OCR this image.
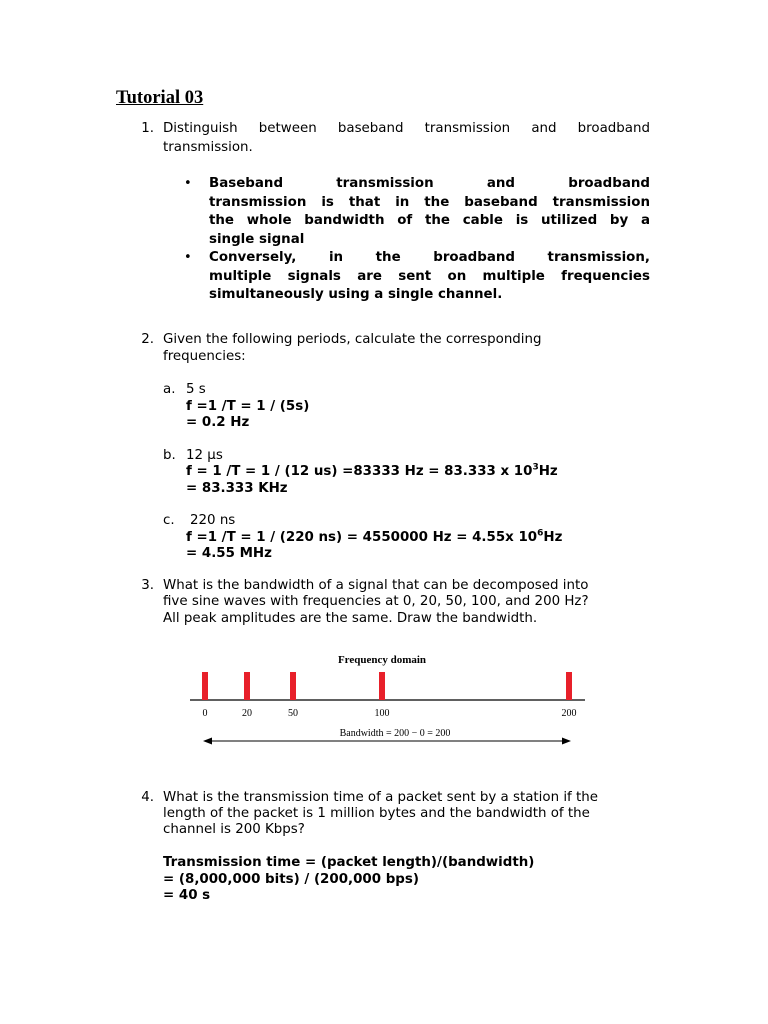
Tutorial 03
1. Distinguish between baseband transmission and broadband
transmission.
• Baseband transmission and broadband
transmission is that in the baseband transmission
the whole bandwidth of the cable is utilized by a
single signal
• Conversely, in the broadband transmission,
multiple signals are sent on multiple frequencies
simultaneously using a single channel.
2. Given the following periods, calculate the corresponding
frequencies:
a. 5 s
f =1 /T = 1 / (5s)
= 0.2 Hz
b. 12 µs
f = 1 /T = 1 / (12 us) =83333 Hz = 83.333 x $10^3Hz$
= 83.333 KHz
c. 220 ns
f =1 /T = 1 / (220 ns) = 4550000 Hz = 4.55x $10^6Hz$
= 4.55 MHz
3. What is the bandwidth of a signal that can be decomposed into
five sine waves with frequencies at 0, 20, 50, 100, and 200 Hz?
All peak amplitudes are the same. Draw the bandwidth.
Frequency domain
0	20	50	100	200
Bandwidth = 200 − 0 = 200
4. What is the transmission time of a packet sent by a station if the
length of the packet is 1 million bytes and the bandwidth of the
channel is 200 Kbps?
Transmission time = (packet length)/(bandwidth)
= (8,000,000 bits) / (200,000 bps)
= 40 s
